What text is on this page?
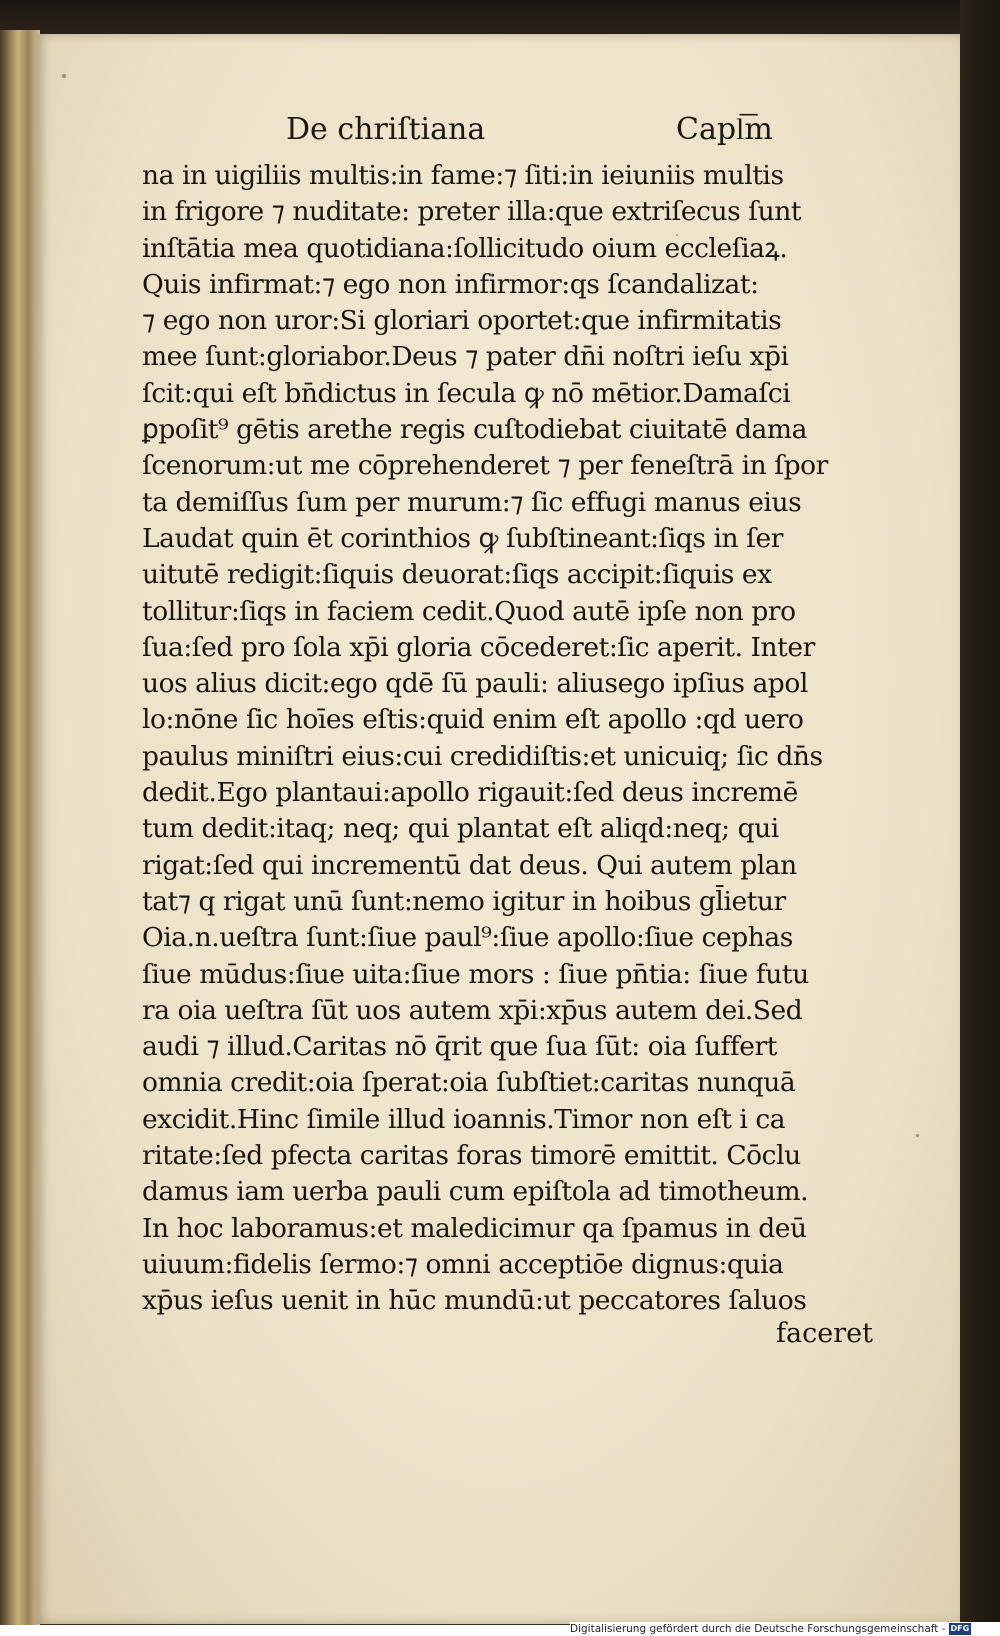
De chriſtiana	Capl͞m
na in uigiliis multis:in fame:⁊ ſiti:in ieiuniis multis
in frigore ⁊ nuditate: preter illa:que extriſecus ſunt
inſtātia mea quotidiana:ſollicitudo oium eccleſiaꝝ.
Quis infirmat:⁊ ego non infirmor:qs ſcandalizat:
⁊ ego non uror:Si gloriari oportet:que infirmitatis
mee ſunt:gloriabor.Deus ⁊ pater dn̄i noſtri ieſu xp̄i
ſcit:qui eſt bn̄dictus in ſecula ꝙ nō mētior.Damaſci
ꝑpoſit⁹ gētis arethe regis cuſtodiebat ciuitatē dama
ſcenorum:ut me cōprehenderet ⁊ per feneſtrā in ſpor
ta demiſſus ſum per murum:⁊ ſic effugi manus eius
Laudat quin ēt corinthios ꝙ ſubſtineant:ſiqs in ſer
uitutē redigit:ſiquis deuorat:ſiqs accipit:ſiquis ex
tollitur:ſiqs in faciem cedit.Quod autē ipſe non pro
ſua:ſed pro ſola xp̄i gloria cōcederet:ſic aperit. Inter
uos alius dicit:ego qdē ſū pauli: aliusego ipſius apol
lo:nōne ſic hoīes eſtis:quid enim eſt apollo :qd uero
paulus miniſtri eius:cui credidiſtis:et unicuiq; ſic dn̄s
dedit.Ego plantaui:apollo rigauit:ſed deus incremē
tum dedit:itaq; neq; qui plantat eſt aliqd:neq; qui
rigat:ſed qui incrementū dat deus. Qui autem plan
tat⁊ q rigat unū ſunt:nemo igitur in hoibus gl̄ietur
Oia.n.ueſtra ſunt:ſiue paul⁹:ſiue apollo:ſiue cephas
ſiue mūdus:ſiue uita:ſiue mors : ſiue pn̄tia: ſiue futu
ra oia ueſtra ſūt uos autem xp̄i:xp̄us autem dei.Sed
audi ⁊ illud.Caritas nō q̄rit que ſua ſūt: oia ſuffert
omnia credit:oia ſperat:oia ſubſtiet:caritas nunquā
excidit.Hinc ſimile illud ioannis.Timor non eſt i ca
ritate:ſed pfecta caritas foras timorē emittit. Cōclu
damus iam uerba pauli cum epiſtola ad timotheum.
In hoc laboramus:et maledicimur qa ſpamus in deū
uiuum:fidelis ſermo:⁊ omni acceptiōe dignus:quia
xp̄us ieſus uenit in hūc mundū:ut peccatores ſaluos
faceret
Digitalisierung gefördert durch die Deutsche Forschungsgemeinschaft - DFG
